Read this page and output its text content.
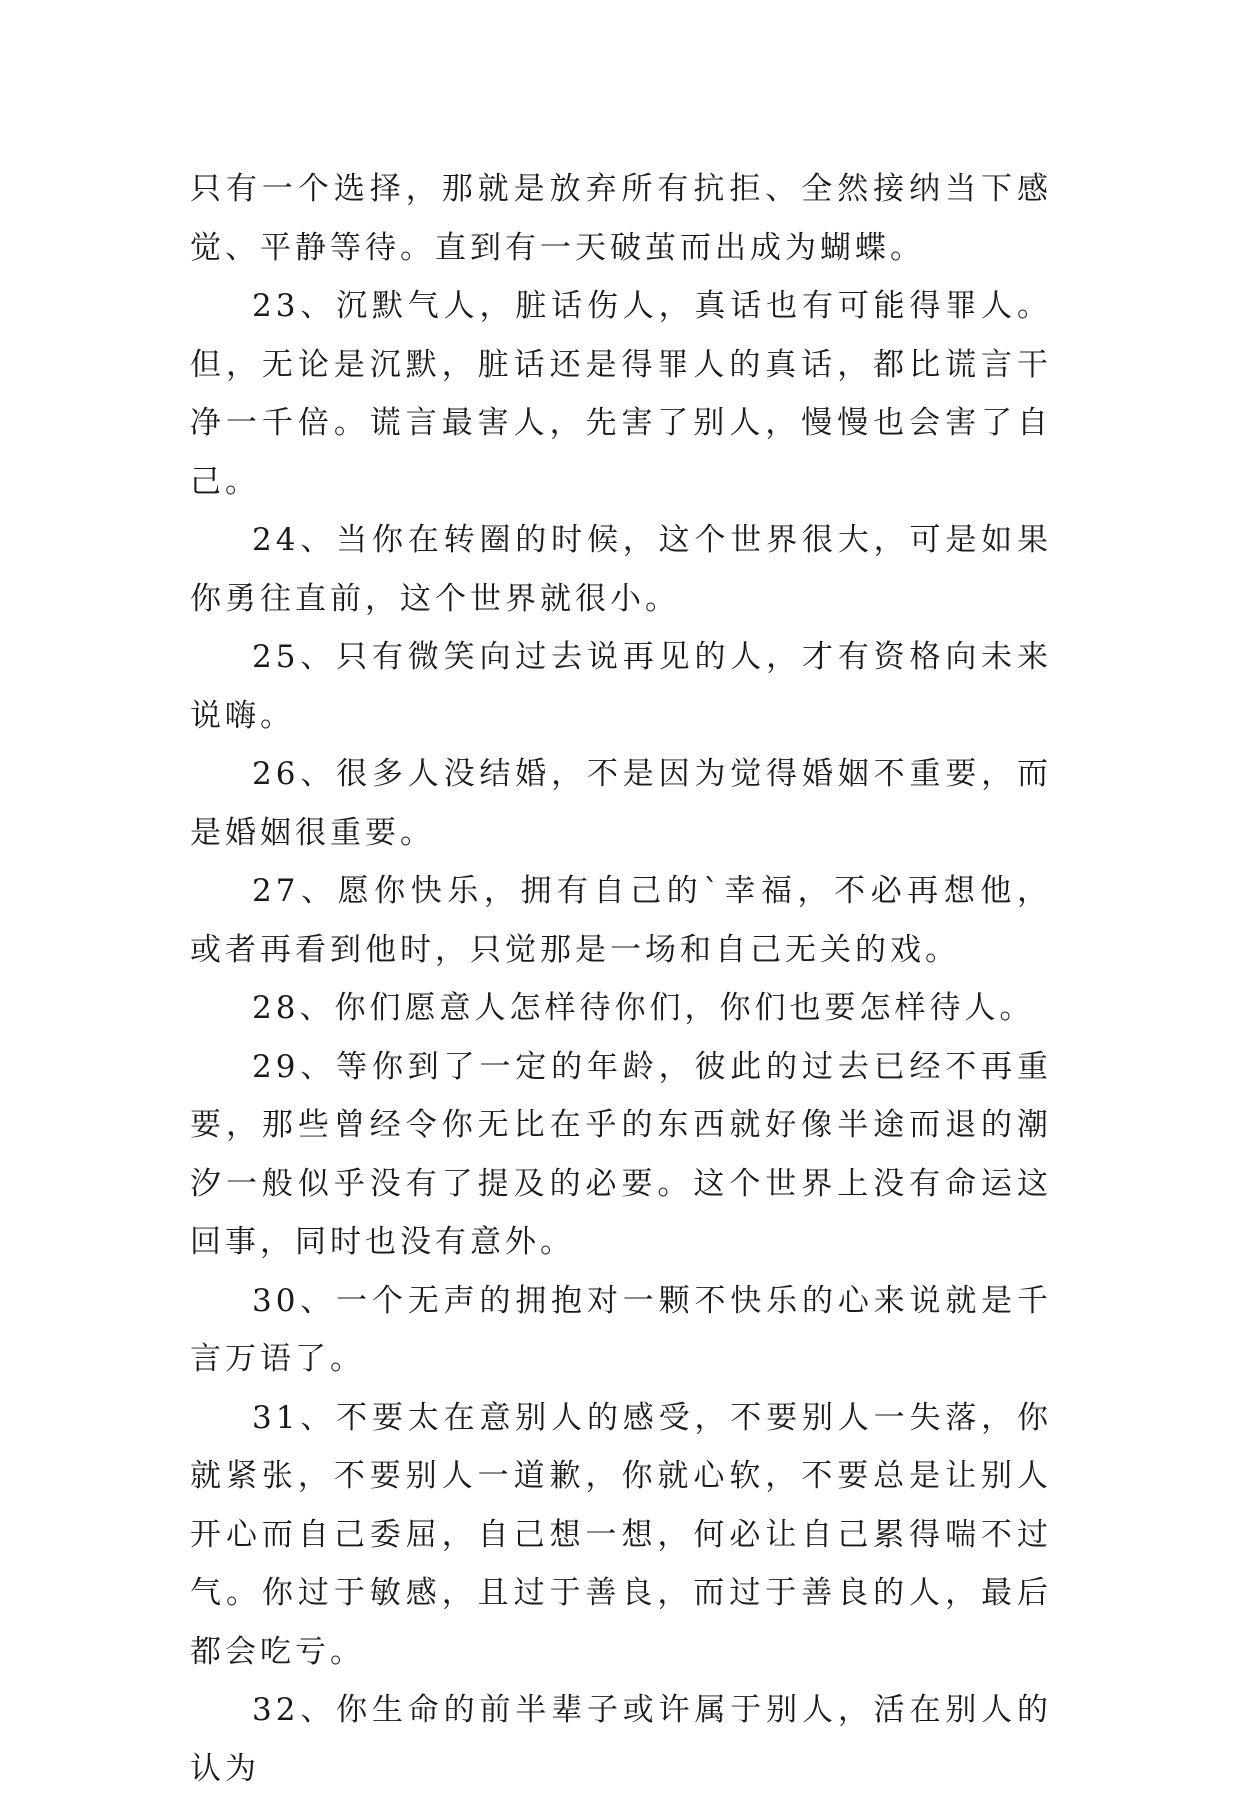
只有一个选择，那就是放弃所有抗拒、全然接纳当下感觉、平静等待。直到有一天破茧而出成为蝴蝶。

23、沉默气人，脏话伤人，真话也有可能得罪人。但，无论是沉默，脏话还是得罪人的真话，都比谎言干净一千倍。谎言最害人，先害了别人，慢慢也会害了自己。

24、当你在转圈的时候，这个世界很大，可是如果你勇往直前，这个世界就很小。

25、只有微笑向过去说再见的人，才有资格向未来说嗨。

26、很多人没结婚，不是因为觉得婚姻不重要，而是婚姻很重要。

27、愿你快乐，拥有自己的`幸福，不必再想他，或者再看到他时，只觉那是一场和自己无关的戏。

28、你们愿意人怎样待你们，你们也要怎样待人。

29、等你到了一定的年龄，彼此的过去已经不再重要，那些曾经令你无比在乎的东西就好像半途而退的潮汐一般似乎没有了提及的必要。这个世界上没有命运这回事，同时也没有意外。

30、一个无声的拥抱对一颗不快乐的心来说就是千言万语了。

31、不要太在意别人的感受，不要别人一失落，你就紧张，不要别人一道歉，你就心软，不要总是让别人开心而自己委屈，自己想一想，何必让自己累得喘不过气。你过于敏感，且过于善良，而过于善良的人，最后都会吃亏。

32、你生命的前半辈子或许属于别人，活在别人的认为
